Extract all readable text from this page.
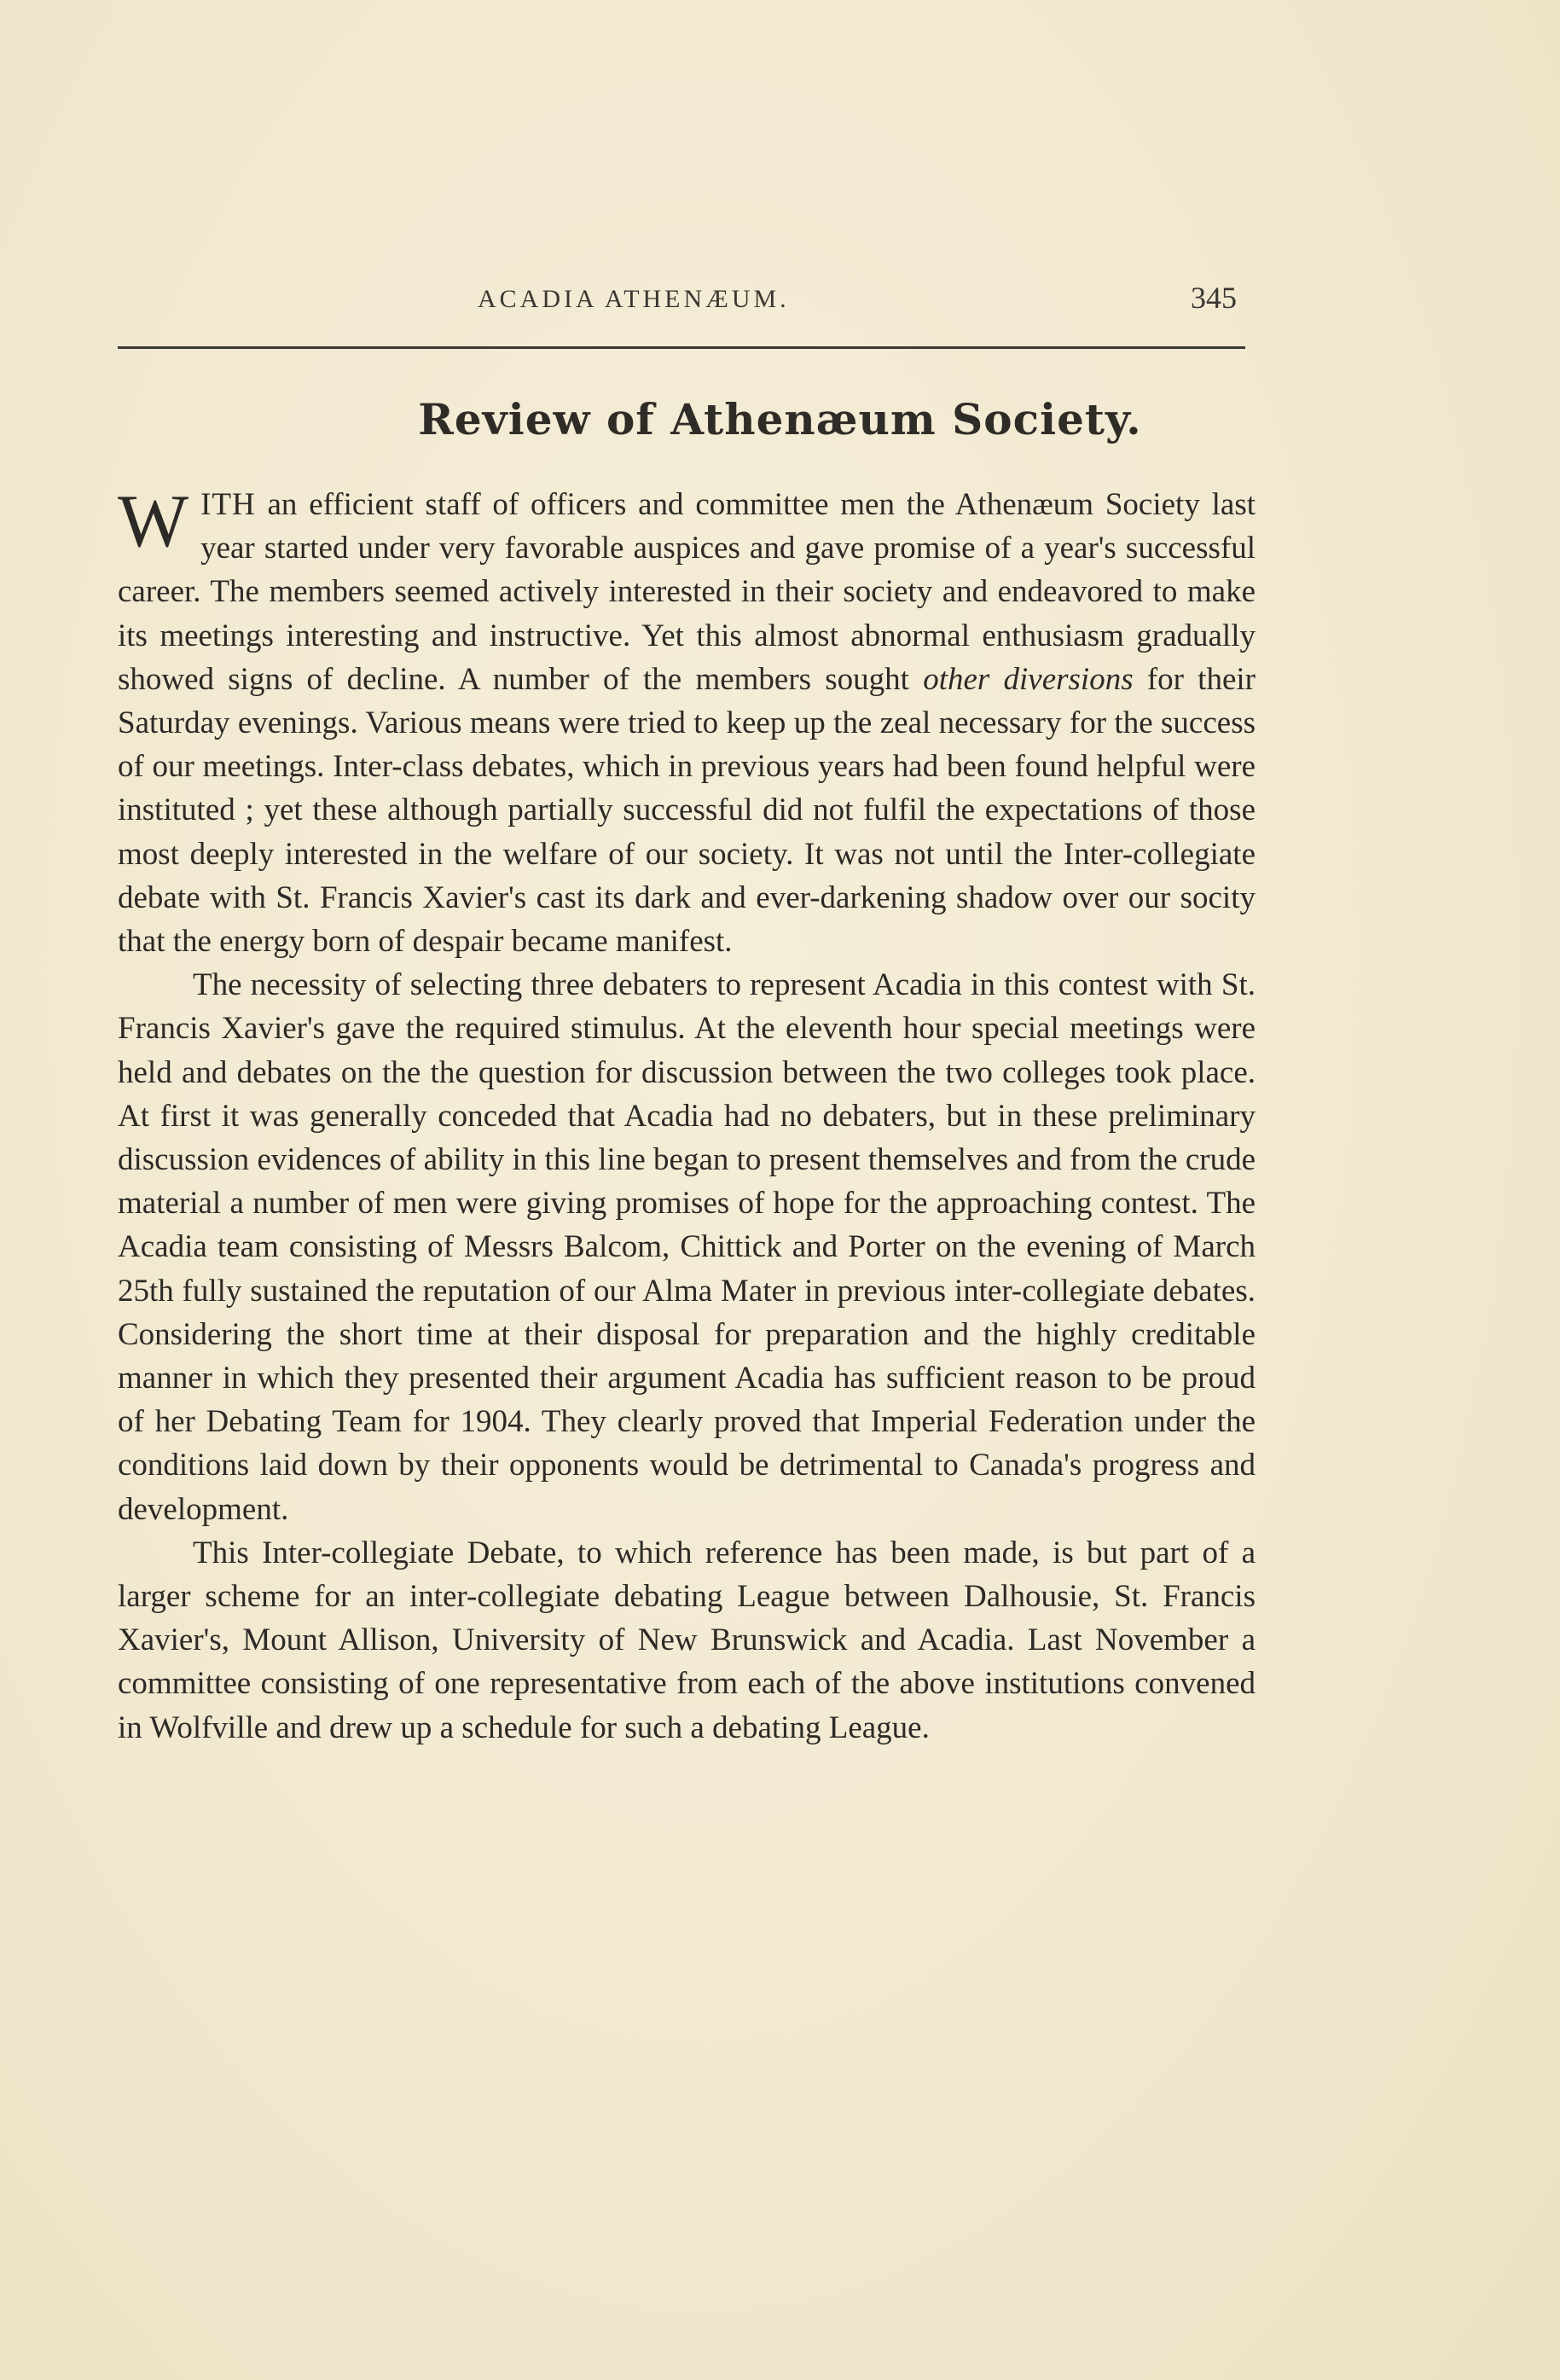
ACADIA ATHENÆUM.	345
Review of Athenæum Society.

WITH an efficient staff of officers and committee men the Athenæum Society last year started under very favorable auspices and gave promise of a year's successful career. The members seemed actively interested in their society and endeavored to make its meetings interesting and instructive. Yet this almost abnormal enthusiasm gradually showed signs of decline. A number of the members sought other diversions for their Saturday evenings. Various means were tried to keep up the zeal necessary for the success of our meetings. Inter-class debates, which in previous years had been found helpful were instituted ; yet these although partially successful did not fulfil the expectations of those most deeply interested in the welfare of our society. It was not until the Inter-collegiate debate with St. Francis Xavier's cast its dark and ever-darkening shadow over our socity that the energy born of despair became manifest.

The necessity of selecting three debaters to represent Acadia in this contest with St. Francis Xavier's gave the required stimulus. At the eleventh hour special meetings were held and debates on the the question for discussion between the two colleges took place. At first it was generally conceded that Acadia had no debaters, but in these preliminary discussion evidences of ability in this line began to present themselves and from the crude material a number of men were giving promises of hope for the approaching contest. The Acadia team consisting of Messrs Balcom, Chittick and Porter on the evening of March 25th fully sustained the reputation of our Alma Mater in previous inter-collegiate debates. Considering the short time at their disposal for preparation and the highly creditable manner in which they presented their argument Acadia has sufficient reason to be proud of her Debating Team for 1904. They clearly proved that Imperial Federation under the conditions laid down by their opponents would be detrimental to Canada's progress and development.

This Inter-collegiate Debate, to which reference has been made, is but part of a larger scheme for an inter-collegiate debating League between Dalhousie, St. Francis Xavier's, Mount Allison, University of New Brunswick and Acadia. Last November a committee consisting of one representative from each of the above institutions convened in Wolfville and drew up a schedule for such a debating League.
